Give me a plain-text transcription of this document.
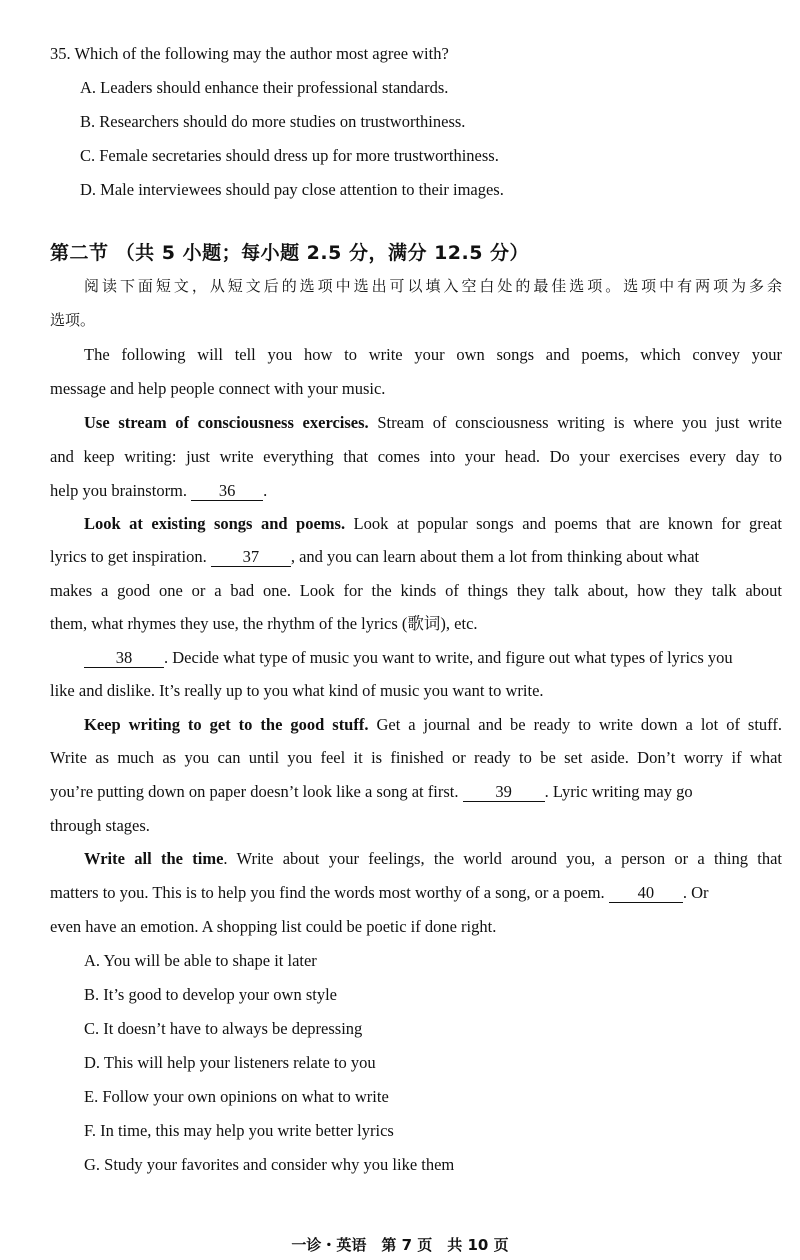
35. Which of the following may the author most agree with?
A. Leaders should enhance their professional standards.
B. Researchers should do more studies on trustworthiness.
C. Female secretaries should dress up for more trustworthiness.
D. Male interviewees should pay close attention to their images.
第二节 （共 5 小题；每小题 2.5 分，满分 12.5 分）
阅读下面短文，从短文后的选项中选出可以填入空白处的最佳选项。选项中有两项为多余
选项。
The following will tell you how to write your own songs and poems, which convey your
message and help people connect with your music.
Use stream of consciousness exercises. Stream of consciousness writing is where you just write
and keep writing: just write everything that comes into your head. Do your exercises every day to
help you brainstorm. 36 .
Look at existing songs and poems. Look at popular songs and poems that are known for great
lyrics to get inspiration. 37 , and you can learn about them a lot from thinking about what
makes a good one or a bad one. Look for the kinds of things they talk about, how they talk about
them, what rhymes they use, the rhythm of the lyrics (歌词), etc.
38 . Decide what type of music you want to write, and figure out what types of lyrics you
like and dislike. It’s really up to you what kind of music you want to write.
Keep writing to get to the good stuff. Get a journal and be ready to write down a lot of stuff.
Write as much as you can until you feel it is finished or ready to be set aside. Don’t worry if what
you’re putting down on paper doesn’t look like a song at first. 39 . Lyric writing may go
through stages.
Write all the time. Write about your feelings, the world around you, a person or a thing that
matters to you. This is to help you find the words most worthy of a song, or a poem. 40 . Or
even have an emotion. A shopping list could be poetic if done right.
A. You will be able to shape it later
B. It’s good to develop your own style
C. It doesn’t have to always be depressing
D. This will help your listeners relate to you
E. Follow your own opinions on what to write
F. In time, this may help you write better lyrics
G. Study your favorites and consider why you like them
一诊・英语　第 7 页　共 10 页
